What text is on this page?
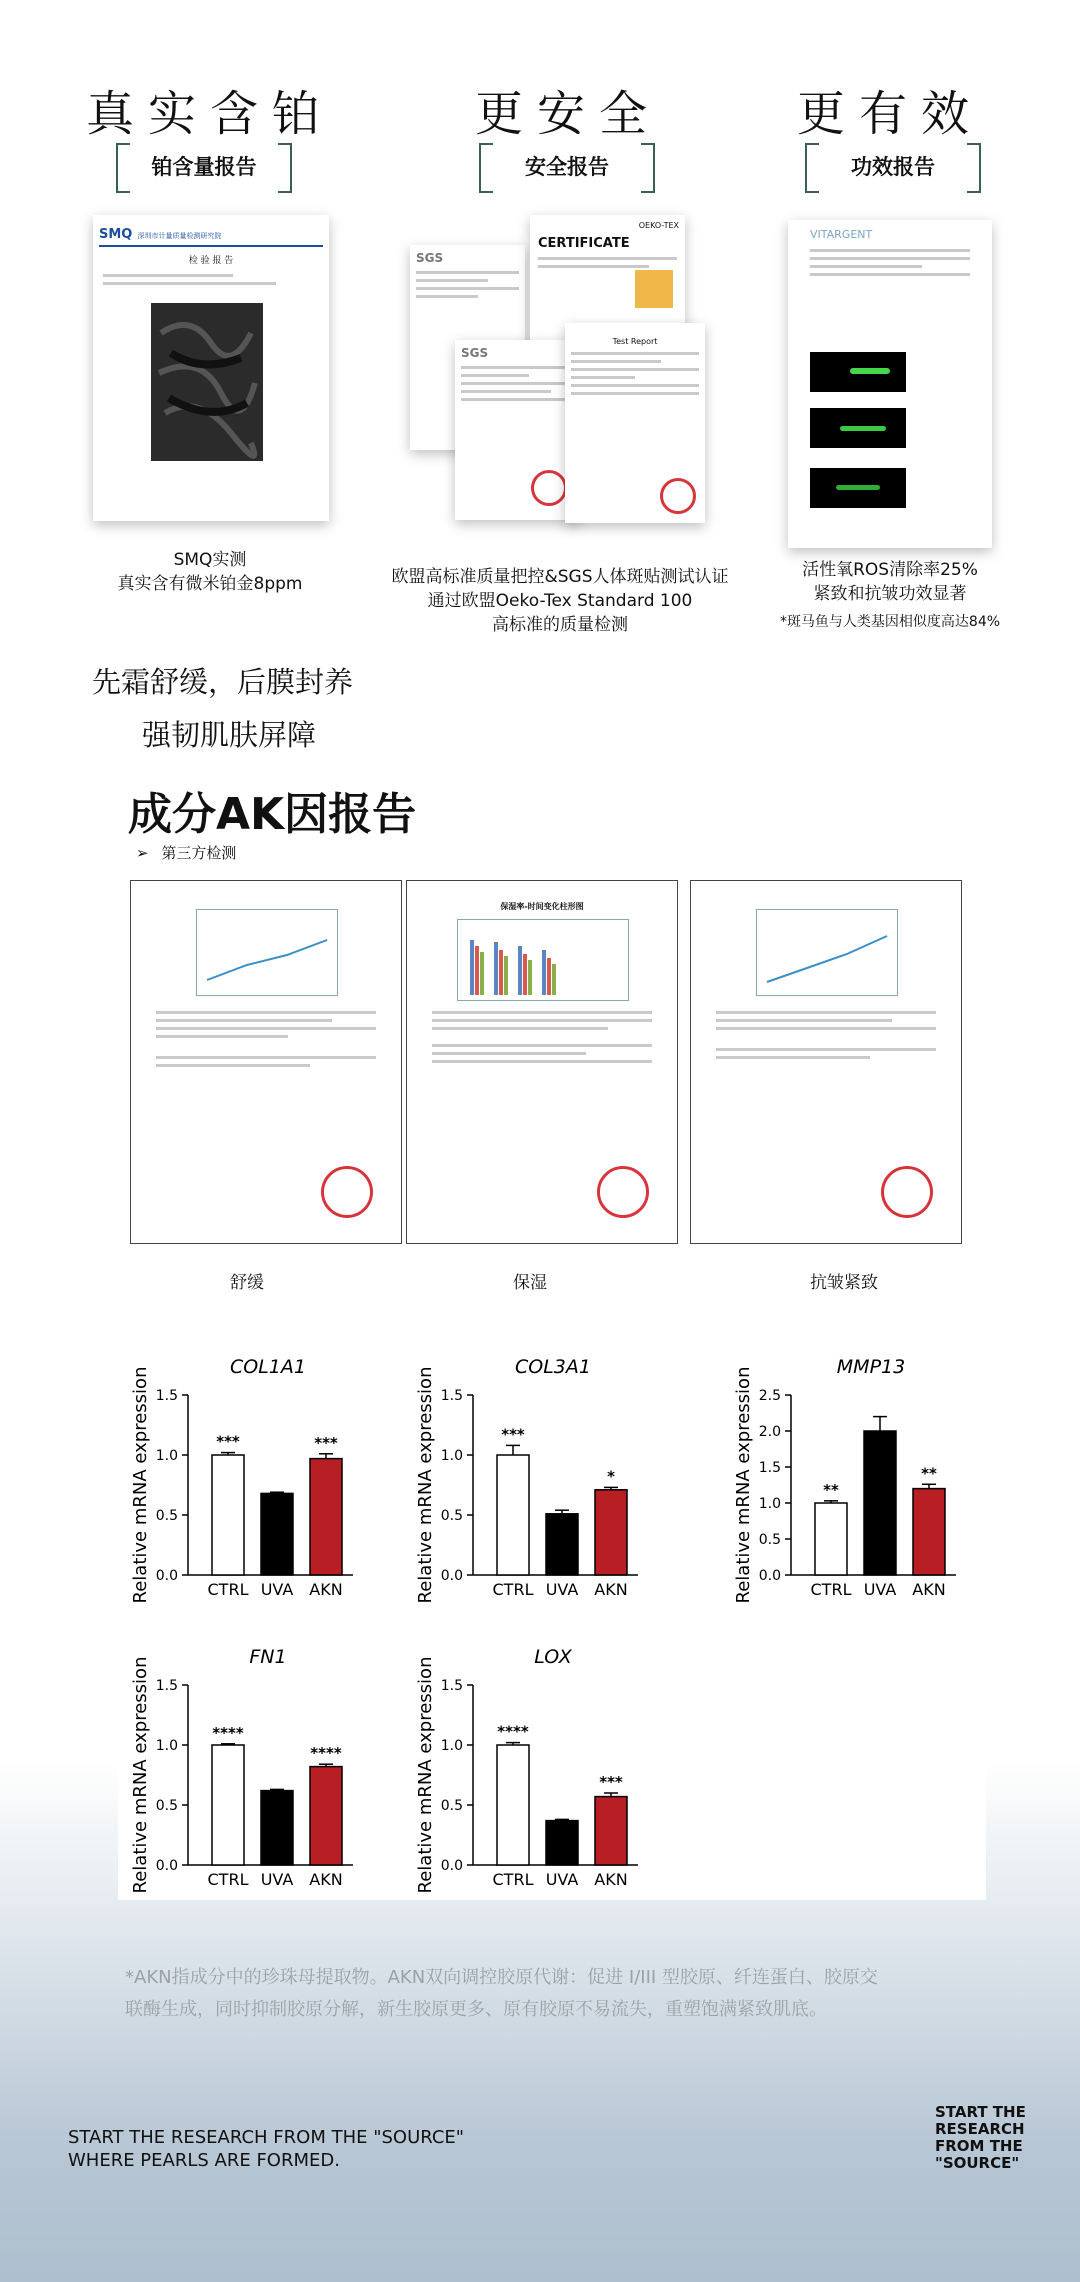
真实含铂
铂含量报告
SMQ 深圳市计量质量检测研究院
检 验 报 告
SMQ实测
真实含有微米铂金8ppm
更安全
安全报告
SGS
OEKO-TEX
CERTIFICATE
SGS
Test Report
欧盟高标准质量把控&SGS人体斑贴测试认证
通过欧盟Oeko-Tex Standard 100
高标准的质量检测
更有效
功效报告
VITARGENT
活性氧ROS清除率25%
紧致和抗皱功效显著
*斑马鱼与人类基因相似度高达84%
先霜舒缓，后膜封养
强韧肌肤屏障
成分AK因报告
➢ 第三方检测
保湿率-时间变化柱形图
舒缓	保湿	抗皱紧致
COL1A1
Relative mRNA expression 0.0
0.5
1.0
1.5
***
CTRL UVA
***
AKN
COL3A1
Relative mRNA expression 0.0
0.5
1.0
1.5
***
CTRL UVA
*
AKN
MMP13
Relative mRNA expression 0.0
0.5
1.0
1.5
2.0
2.5
**
CTRL UVA
**
AKN
FN1
Relative mRNA expression 0.0
0.5
1.0
1.5
****
CTRL UVA
****
AKN
LOX
Relative mRNA expression 0.0
0.5
1.0
1.5
****
CTRL UVA
***
AKN
*AKN指成分中的珍珠母提取物。AKN双向调控胶原代谢：促进 I/III 型胶原、纤连蛋白、胶原交
联酶生成，同时抑制胶原分解，新生胶原更多、原有胶原不易流失，重塑饱满紧致肌底。
START THE RESEARCH FROM THE "SOURCE"
WHERE PEARLS ARE FORMED.
START THE
RESEARCH
FROM THE
"SOURCE"
